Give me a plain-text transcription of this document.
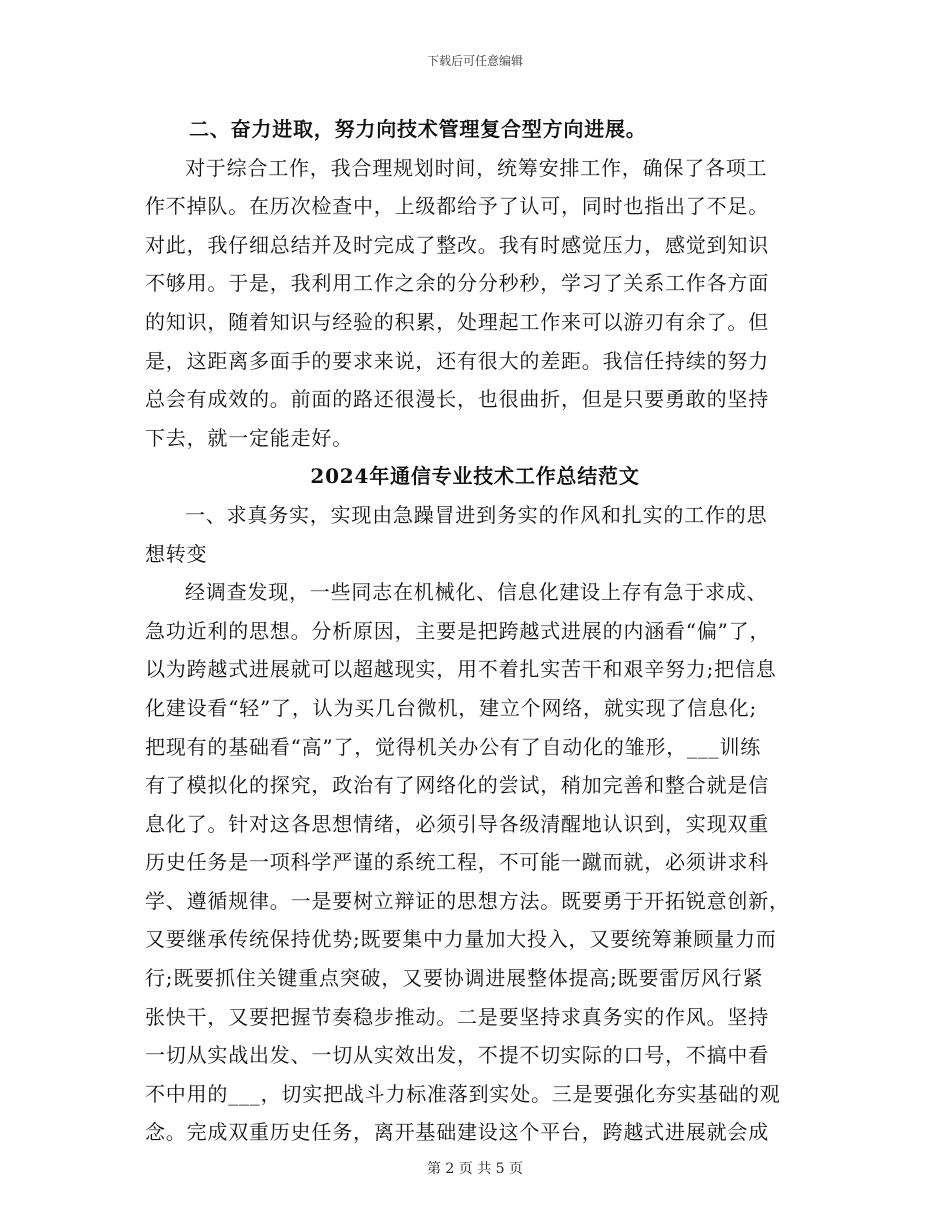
下载后可任意编辑
二、奋力进取，努力向技术管理复合型方向进展。
对于综合工作，我合理规划时间，统筹安排工作，确保了各项工
作不掉队。在历次检查中，上级都给予了认可，同时也指出了不足。
对此，我仔细总结并及时完成了整改。我有时感觉压力，感觉到知识
不够用。于是，我利用工作之余的分分秒秒，学习了关系工作各方面
的知识，随着知识与经验的积累，处理起工作来可以游刃有余了。但
是，这距离多面手的要求来说，还有很大的差距。我信任持续的努力
总会有成效的。前面的路还很漫长，也很曲折，但是只要勇敢的坚持
下去，就一定能走好。
2024年通信专业技术工作总结范文
一、求真务实，实现由急躁冒进到务实的作风和扎实的工作的思
想转变
经调查发现，一些同志在机械化、信息化建设上存有急于求成、
急功近利的思想。分析原因，主要是把跨越式进展的内涵看“偏”了，
以为跨越式进展就可以超越现实，用不着扎实苦干和艰辛努力;把信息
化建设看“轻”了，认为买几台微机，建立个网络，就实现了信息化;
把现有的基础看“高”了，觉得机关办公有了自动化的雏形，___训练
有了模拟化的探究，政治有了网络化的尝试，稍加完善和整合就是信
息化了。针对这各思想情绪，必须引导各级清醒地认识到，实现双重
历史任务是一项科学严谨的系统工程，不可能一蹴而就，必须讲求科
学、遵循规律。一是要树立辩证的思想方法。既要勇于开拓锐意创新，
又要继承传统保持优势;既要集中力量加大投入，又要统筹兼顾量力而
行;既要抓住关键重点突破，又要协调进展整体提高;既要雷厉风行紧
张快干，又要把握节奏稳步推动。二是要坚持求真务实的作风。坚持
一切从实战出发、一切从实效出发，不提不切实际的口号，不搞中看
不中用的___，切实把战斗力标准落到实处。三是要强化夯实基础的观
念。完成双重历史任务，离开基础建设这个平台，跨越式进展就会成
第 2 页 共 5 页
